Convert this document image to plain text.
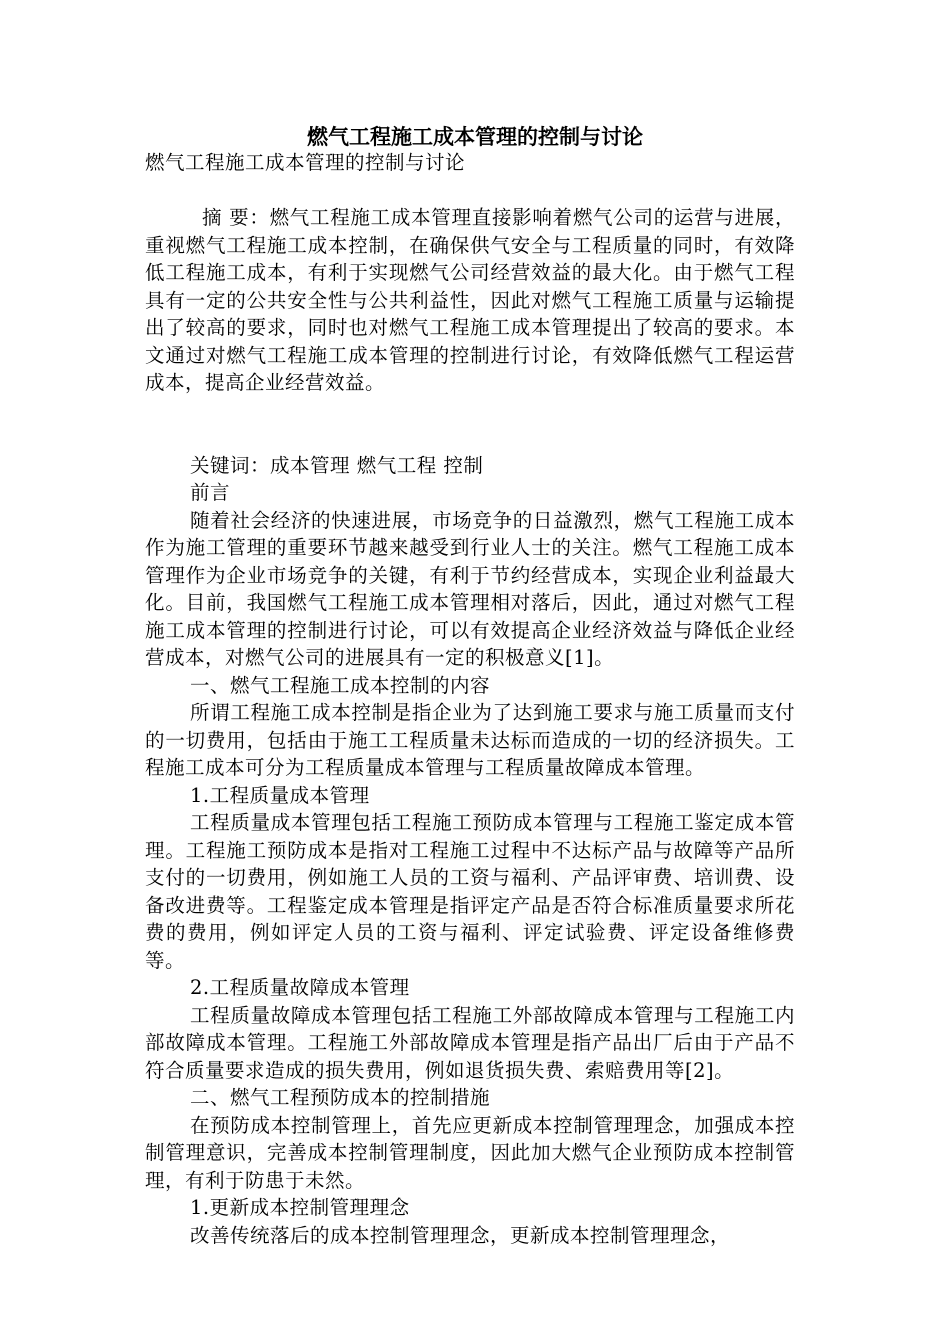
燃气工程施工成本管理的控制与讨论

燃气工程施工成本管理的控制与讨论

摘 要：燃气工程施工成本管理直接影响着燃气公司的运营与进展，重视燃气工程施工成本控制，在确保供气安全与工程质量的同时，有效降低工程施工成本，有利于实现燃气公司经营效益的最大化。由于燃气工程具有一定的公共安全性与公共利益性，因此对燃气工程施工质量与运输提出了较高的要求，同时也对燃气工程施工成本管理提出了较高的要求。本文通过对燃气工程施工成本管理的控制进行讨论，有效降低燃气工程运营成本，提高企业经营效益。

关键词：成本管理 燃气工程 控制

前言

随着社会经济的快速进展，市场竞争的日益激烈，燃气工程施工成本作为施工管理的重要环节越来越受到行业人士的关注。燃气工程施工成本管理作为企业市场竞争的关键，有利于节约经营成本，实现企业利益最大化。目前，我国燃气工程施工成本管理相对落后，因此，通过对燃气工程施工成本管理的控制进行讨论，可以有效提高企业经济效益与降低企业经营成本，对燃气公司的进展具有一定的积极意义[1]。

一、燃气工程施工成本控制的内容

所谓工程施工成本控制是指企业为了达到施工要求与施工质量而支付的一切费用，包括由于施工工程质量未达标而造成的一切的经济损失。工程施工成本可分为工程质量成本管理与工程质量故障成本管理。

1.工程质量成本管理

工程质量成本管理包括工程施工预防成本管理与工程施工鉴定成本管理。工程施工预防成本是指对工程施工过程中不达标产品与故障等产品所支付的一切费用，例如施工人员的工资与福利、产品评审费、培训费、设备改进费等。工程鉴定成本管理是指评定产品是否符合标准质量要求所花费的费用，例如评定人员的工资与福利、评定试验费、评定设备维修费等。

2.工程质量故障成本管理

工程质量故障成本管理包括工程施工外部故障成本管理与工程施工内部故障成本管理。工程施工外部故障成本管理是指产品出厂后由于产品不符合质量要求造成的损失费用，例如退货损失费、索赔费用等[2]。

二、燃气工程预防成本的控制措施

在预防成本控制管理上，首先应更新成本控制管理理念，加强成本控制管理意识，完善成本控制管理制度，因此加大燃气企业预防成本控制管理，有利于防患于未然。

1.更新成本控制管理理念

改善传统落后的成本控制管理理念，更新成本控制管理理念，
